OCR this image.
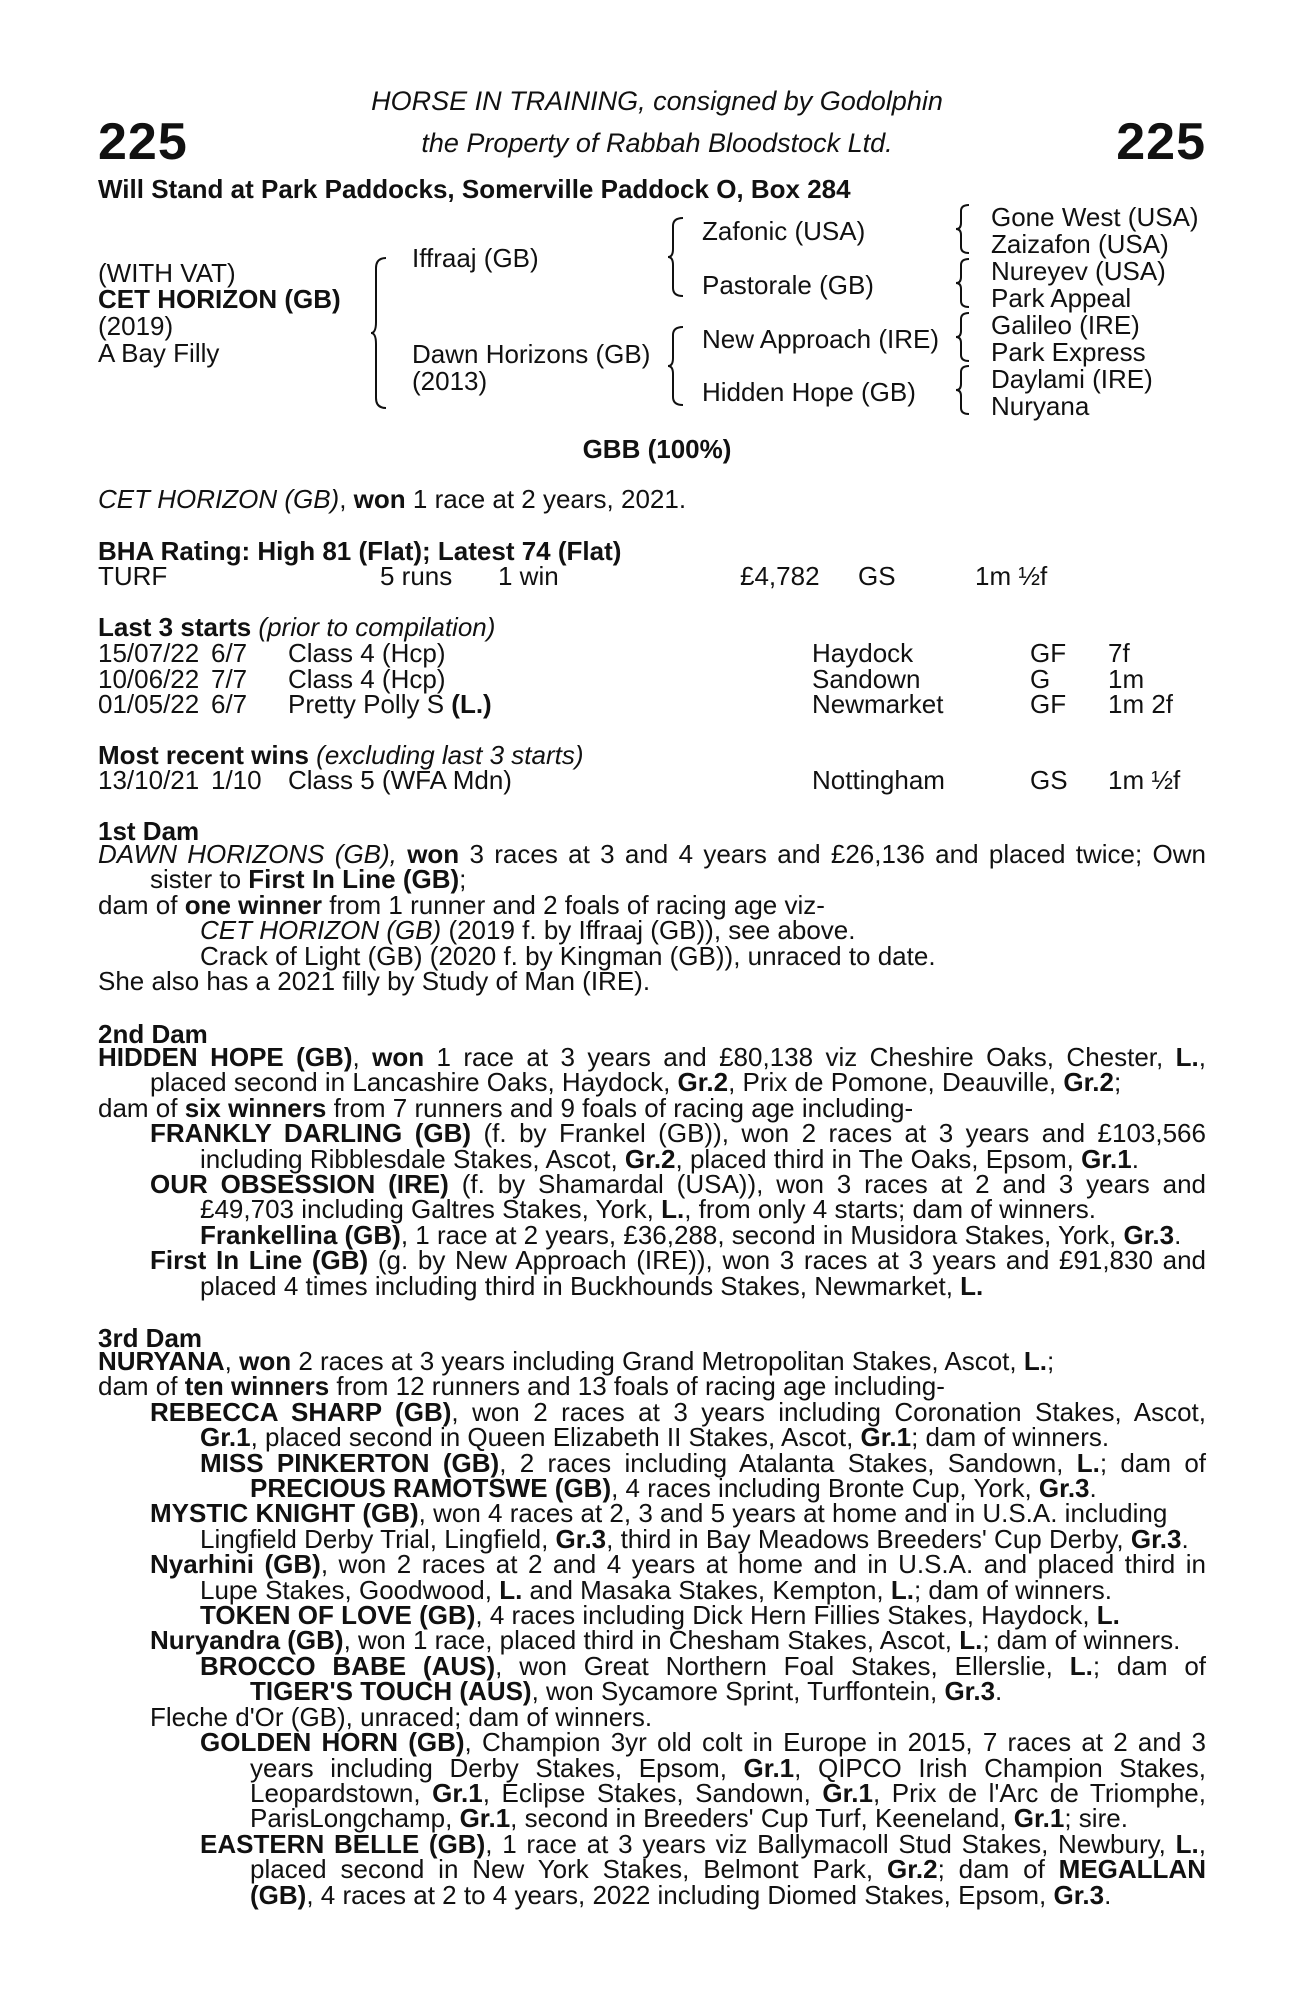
225	225
HORSE IN TRAINING, consigned by Godolphin
the Property of Rabbah Bloodstock Ltd.
Will Stand at Park Paddocks, Somerville Paddock O, Box 284
(WITH VAT)
CET HORIZON (GB)
(2019)
A Bay Filly
Iffraaj (GB)
Dawn Horizons (GB)
(2013)
Zafonic (USA)
Pastorale (GB)
New Approach (IRE)
Hidden Hope (GB)
Gone West (USA)
Zaizafon (USA)
Nureyev (USA)
Park Appeal
Galileo (IRE)
Park Express
Daylami (IRE)
Nuryana
GBB (100%)
CET HORIZON (GB), won 1 race at 2 years, 2021.
BHA Rating: High 81 (Flat); Latest 74 (Flat)
TURF	5 runs 1 win	£4,782 GS	1m ½f
Last 3 starts (prior to compilation)
15/07/22 6/7 Class 4 (Hcp)	Haydock	GF 7f
10/06/22 7/7 Class 4 (Hcp)	Sandown	G 1m
01/05/22 6/7 Pretty Polly S (L.)	Newmarket	GF 1m 2f
Most recent wins (excluding last 3 starts)
13/10/21 1/10 Class 5 (WFA Mdn)	Nottingham	GS 1m ½f
1st Dam

DAWN HORIZONS (GB), won 3 races at 3 and 4 years and £26,136 and placed twice; Own

sister to First In Line (GB);

dam of one winner from 1 runner and 2 foals of racing age viz-

CET HORIZON (GB) (2019 f. by Iffraaj (GB)), see above.

Crack of Light (GB) (2020 f. by Kingman (GB)), unraced to date.

She also has a 2021 filly by Study of Man (IRE).

2nd Dam

HIDDEN HOPE (GB), won 1 race at 3 years and £80,138 viz Cheshire Oaks, Chester, L.,

placed second in Lancashire Oaks, Haydock, Gr.2, Prix de Pomone, Deauville, Gr.2;

dam of six winners from 7 runners and 9 foals of racing age including-

FRANKLY DARLING (GB) (f. by Frankel (GB)), won 2 races at 3 years and £103,566

including Ribblesdale Stakes, Ascot, Gr.2, placed third in The Oaks, Epsom, Gr.1.

OUR OBSESSION (IRE) (f. by Shamardal (USA)), won 3 races at 2 and 3 years and

£49,703 including Galtres Stakes, York, L., from only 4 starts; dam of winners.

Frankellina (GB), 1 race at 2 years, £36,288, second in Musidora Stakes, York, Gr.3.

First In Line (GB) (g. by New Approach (IRE)), won 3 races at 3 years and £91,830 and

placed 4 times including third in Buckhounds Stakes, Newmarket, L.

3rd Dam

NURYANA, won 2 races at 3 years including Grand Metropolitan Stakes, Ascot, L.;

dam of ten winners from 12 runners and 13 foals of racing age including-

REBECCA SHARP (GB), won 2 races at 3 years including Coronation Stakes, Ascot,

Gr.1, placed second in Queen Elizabeth II Stakes, Ascot, Gr.1; dam of winners.

MISS PINKERTON (GB), 2 races including Atalanta Stakes, Sandown, L.; dam of

PRECIOUS RAMOTSWE (GB), 4 races including Bronte Cup, York, Gr.3.

MYSTIC KNIGHT (GB), won 4 races at 2, 3 and 5 years at home and in U.S.A. including

Lingfield Derby Trial, Lingfield, Gr.3, third in Bay Meadows Breeders' Cup Derby, Gr.3.

Nyarhini (GB), won 2 races at 2 and 4 years at home and in U.S.A. and placed third in

Lupe Stakes, Goodwood, L. and Masaka Stakes, Kempton, L.; dam of winners.

TOKEN OF LOVE (GB), 4 races including Dick Hern Fillies Stakes, Haydock, L.

Nuryandra (GB), won 1 race, placed third in Chesham Stakes, Ascot, L.; dam of winners.

BROCCO BABE (AUS), won Great Northern Foal Stakes, Ellerslie, L.; dam of

TIGER'S TOUCH (AUS), won Sycamore Sprint, Turffontein, Gr.3.

Fleche d'Or (GB), unraced; dam of winners.

GOLDEN HORN (GB), Champion 3yr old colt in Europe in 2015, 7 races at 2 and 3

years including Derby Stakes, Epsom, Gr.1, QIPCO Irish Champion Stakes,

Leopardstown, Gr.1, Eclipse Stakes, Sandown, Gr.1, Prix de l'Arc de Triomphe,

ParisLongchamp, Gr.1, second in Breeders' Cup Turf, Keeneland, Gr.1; sire.

EASTERN BELLE (GB), 1 race at 3 years viz Ballymacoll Stud Stakes, Newbury, L.,

placed second in New York Stakes, Belmont Park, Gr.2; dam of MEGALLAN

(GB), 4 races at 2 to 4 years, 2022 including Diomed Stakes, Epsom, Gr.3.
